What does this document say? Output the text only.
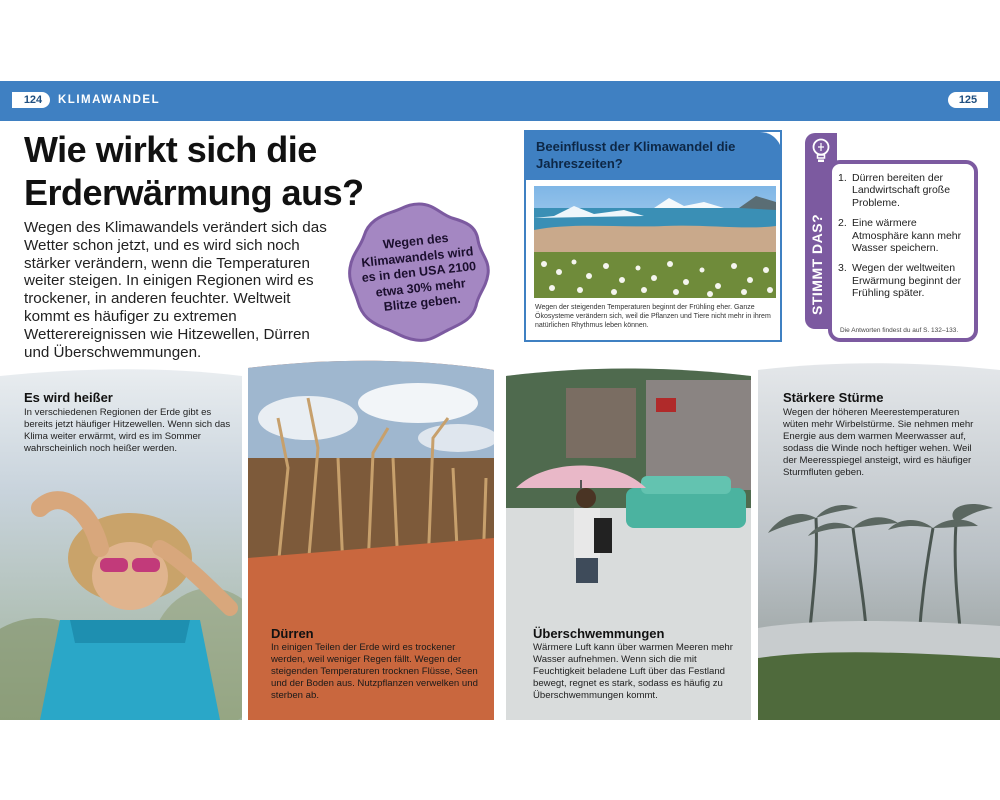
124	KLIMAWANDEL	125
Wie wirkt sich die
Erderwärmung aus?

Wegen des Klimawandels verändert sich das Wetter schon jetzt, und es wird sich noch stärker verändern, wenn die Temperaturen weiter steigen. In einigen Regionen wird es trockener, in anderen feuchter. Weltweit kommt es häufiger zu extremen Wetterereignissen wie Hitzewellen, Dürren und Überschwemmungen.

Wegen des Klimawandels wird es in den USA 2100 etwa 30% mehr Blitze geben.
Beeinflusst der Klimawandel die Jahreszeiten?
Wegen der steigenden Temperaturen beginnt der Frühling eher. Ganze Ökosysteme verändern sich, weil die Pflanzen und Tiere nicht mehr in ihrem natürlichen Rhythmus leben können.
STIMMT DAS?
1. Dürren bereiten der Landwirtschaft große Probleme.
2. Eine wärmere Atmosphäre kann mehr Wasser speichern.
3. Wegen der weltweiten Erwärmung beginnt der Frühling später.
Die Antworten findest du auf S. 132–133.
Es wird heißer
In verschiedenen Regionen der Erde gibt es bereits jetzt häufiger Hitzewellen. Wenn sich das Klima weiter erwärmt, wird es im Sommer wahrscheinlich noch heißer werden.
Dürren
In einigen Teilen der Erde wird es trockener werden, weil weniger Regen fällt. Wegen der steigenden Temperaturen trocknen Flüsse, Seen und der Boden aus. Nutzpflanzen verwelken und sterben ab.
Überschwemmungen
Wärmere Luft kann über warmen Meeren mehr Wasser aufnehmen. Wenn sich die mit Feuchtigkeit beladene Luft über das Festland bewegt, regnet es stark, sodass es häufig zu Überschwemmungen kommt.
Stärkere Stürme
Wegen der höheren Meerestemperaturen wüten mehr Wirbelstürme. Sie nehmen mehr Energie aus dem warmen Meerwasser auf, sodass die Winde noch heftiger wehen. Weil der Meeresspiegel ansteigt, wird es häufiger Sturmfluten geben.
